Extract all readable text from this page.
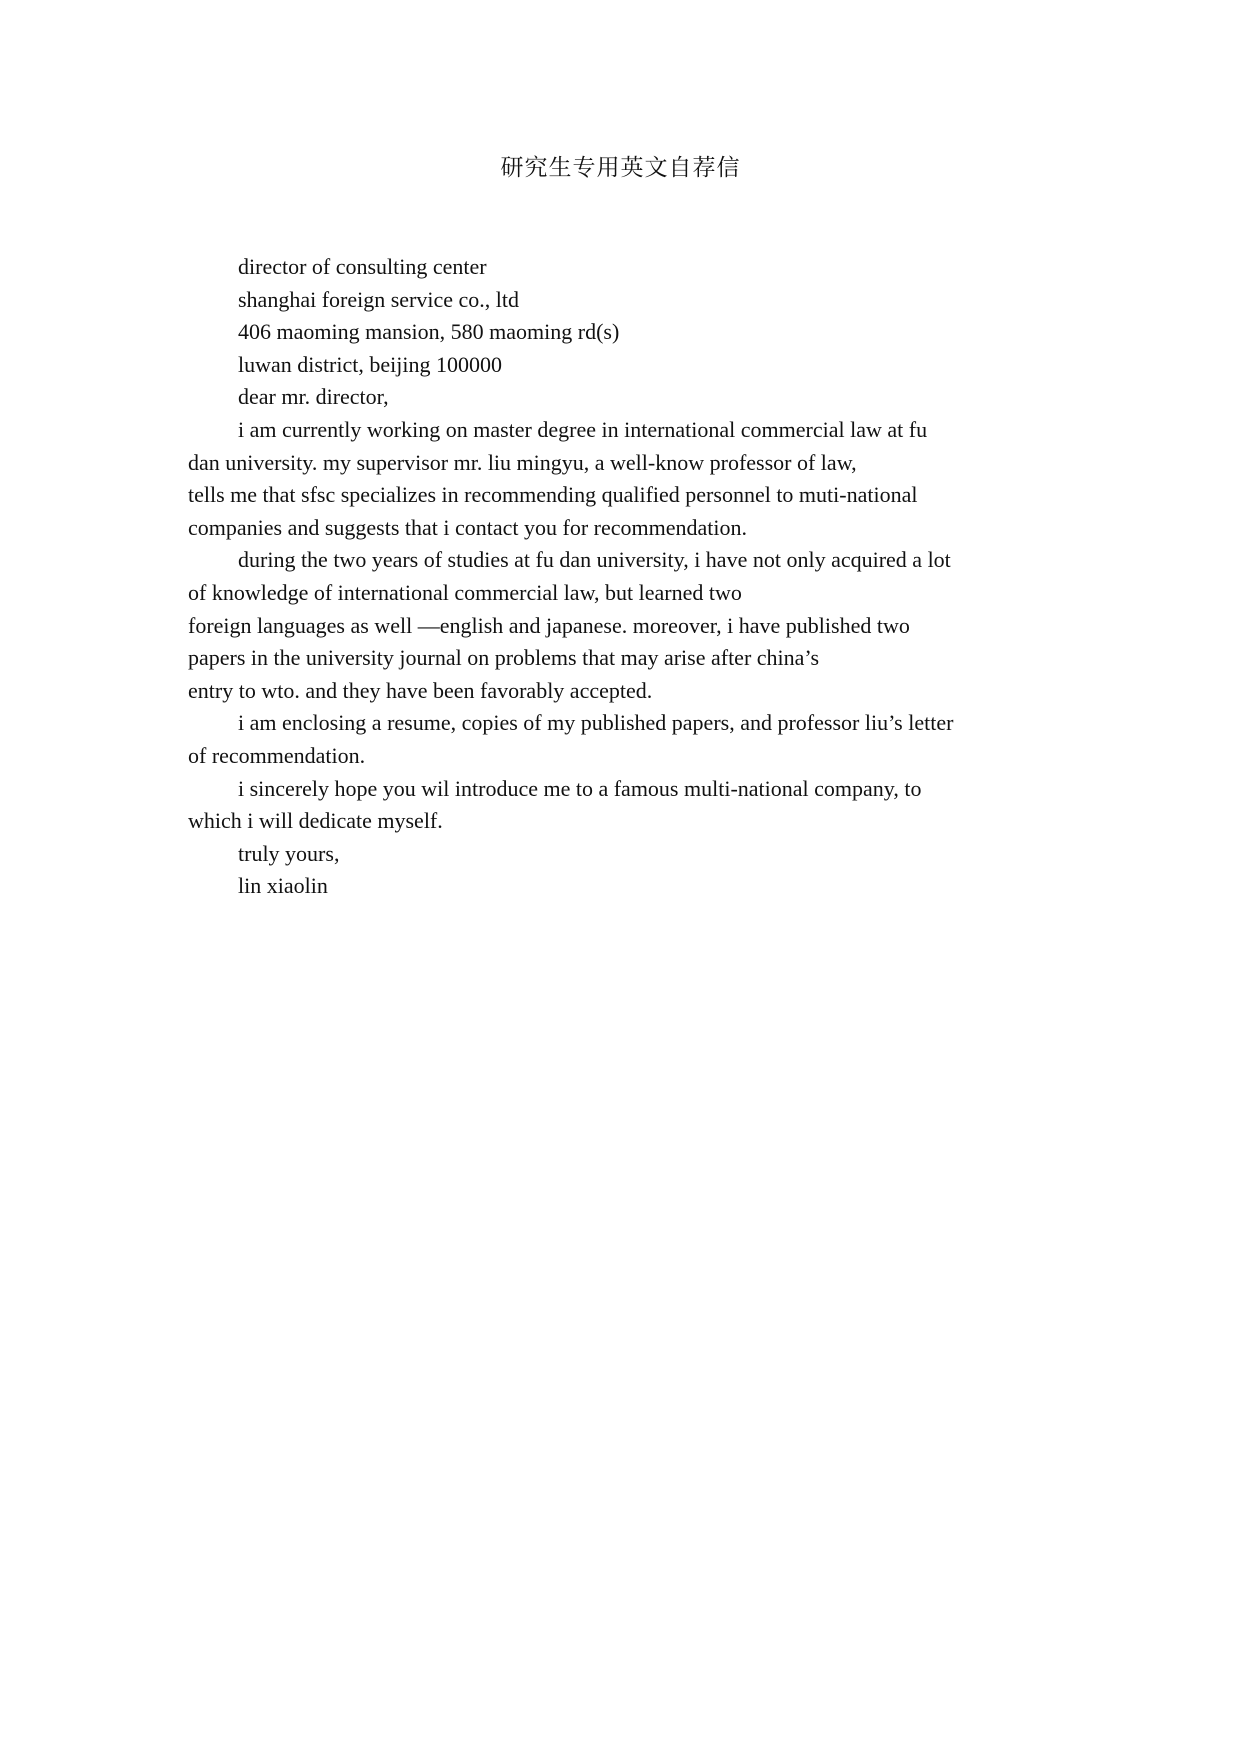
研究生专用英文自荐信
director of consulting center
shanghai foreign service co., ltd
406 maoming mansion, 580 maoming rd(s)
luwan district, beijing 100000
dear mr. director,
i am currently working on master degree in international commercial law at fu
dan university. my supervisor mr. liu mingyu, a well-know professor of law,
tells me that sfsc specializes in recommending qualified personnel to muti-national
companies and suggests that i contact you for recommendation.
during the two years of studies at fu dan university, i have not only acquired a lot
of knowledge of international commercial law, but learned two
foreign languages as well —english and japanese. moreover, i have published two
papers in the university journal on problems that may arise after china’s
entry to wto. and they have been favorably accepted.
i am enclosing a resume, copies of my published papers, and professor liu’s letter
of recommendation.
i sincerely hope you wil introduce me to a famous multi-national company, to
which i will dedicate myself.
truly yours,
lin xiaolin
